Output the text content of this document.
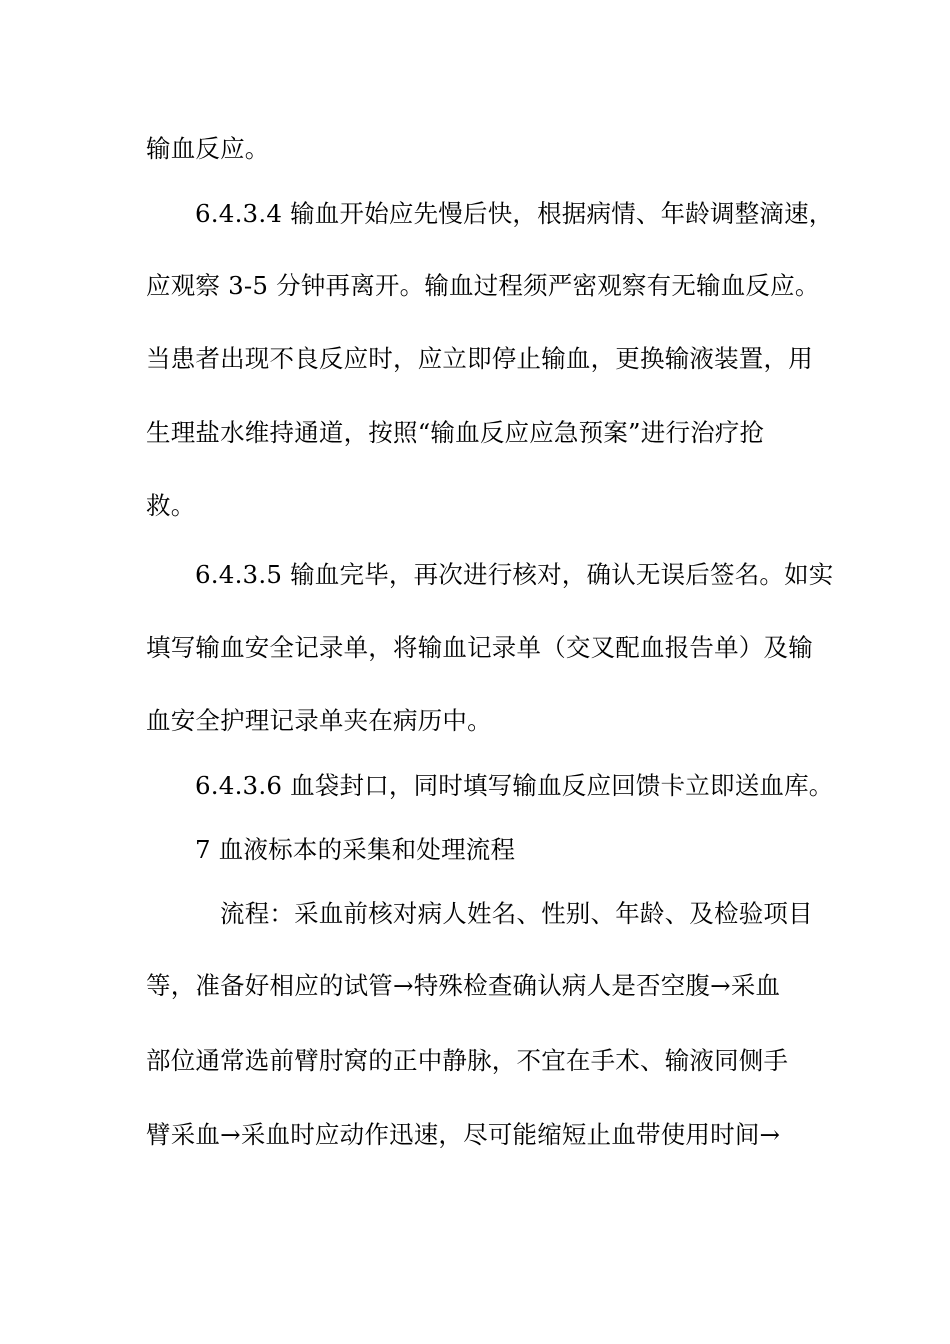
输血反应。
6.4.3.4 输血开始应先慢后快，根据病情、年龄调整滴速，
应观察 3-5 分钟再离开。输血过程须严密观察有无输血反应。
当患者出现不良反应时，应立即停止输血，更换输液装置，用
生理盐水维持通道，按照“输血反应应急预案”进行治疗抢
救。
6.4.3.5 输血完毕，再次进行核对，确认无误后签名。如实
填写输血安全记录单，将输血记录单（交叉配血报告单）及输
血安全护理记录单夹在病历中。
6.4.3.6 血袋封口，同时填写输血反应回馈卡立即送血库。
7 血液标本的采集和处理流程
流程：采血前核对病人姓名、性别、年龄、及检验项目
等，准备好相应的试管→特殊检查确认病人是否空腹→采血
部位通常选前臂肘窝的正中静脉，不宜在手术、输液同侧手
臂采血→采血时应动作迅速，尽可能缩短止血带使用时间→
